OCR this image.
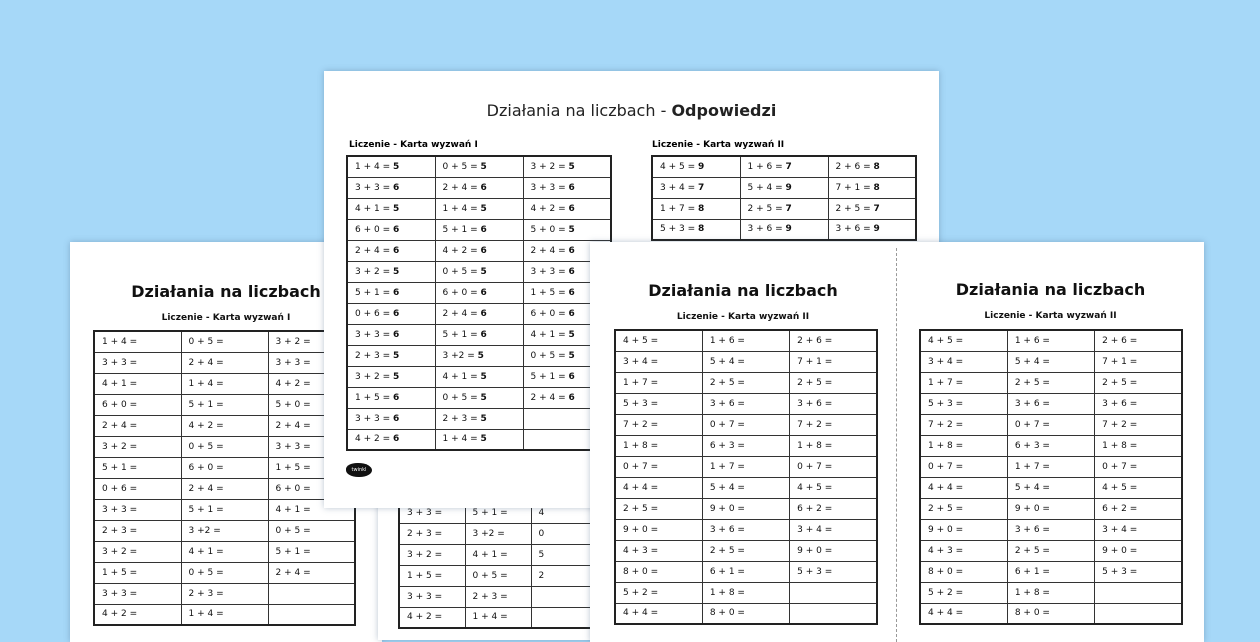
Działania na liczbach
Liczenie - Karta wyzwań I
1 + 4 =	0 + 5 =	3 + 2 =
3 + 3 =	2 + 4 =	3 + 3 =
4 + 1 =	1 + 4 =	4 + 2 =
6 + 0 =	5 + 1 =	5 + 0 =
2 + 4 =	4 + 2 =	2 + 4 =
3 + 2 =	0 + 5 =	3 + 3 =
5 + 1 =	6 + 0 =	1 + 5 =
0 + 6 =	2 + 4 =	6 + 0 =
3 + 3 =	5 + 1 =	4 + 1 =
2 + 3 =	3 +2 =	0 + 5 =
3 + 2 =	4 + 1 =	5 + 1 =
1 + 5 =	0 + 5 =	2 + 4 =
3 + 3 =	2 + 3 =	
4 + 2 =	1 + 4 =	
3 + 3 =	5 + 1 =	4
2 + 3 =	3 +2 =	0
3 + 2 =	4 + 1 =	5
1 + 5 =	0 + 5 =	2
3 + 3 =	2 + 3 =	
4 + 2 =	1 + 4 =	
Działania na liczbach - Odpowiedzi
Liczenie - Karta wyzwań I	Liczenie - Karta wyzwań II
1 + 4 = 5	0 + 5 = 5	3 + 2 = 5
3 + 3 = 6	2 + 4 = 6	3 + 3 = 6
4 + 1 = 5	1 + 4 = 5	4 + 2 = 6
6 + 0 = 6	5 + 1 = 6	5 + 0 = 5
2 + 4 = 6	4 + 2 = 6	2 + 4 = 6
3 + 2 = 5	0 + 5 = 5	3 + 3 = 6
5 + 1 = 6	6 + 0 = 6	1 + 5 = 6
0 + 6 = 6	2 + 4 = 6	6 + 0 = 6
3 + 3 = 6	5 + 1 = 6	4 + 1 = 5
2 + 3 = 5	3 +2 = 5	0 + 5 = 5
3 + 2 = 5	4 + 1 = 5	5 + 1 = 6
1 + 5 = 6	0 + 5 = 5	2 + 4 = 6
3 + 3 = 6	2 + 3 = 5	
4 + 2 = 6	1 + 4 = 5	
4 + 5 = 9	1 + 6 = 7	2 + 6 = 8
3 + 4 = 7	5 + 4 = 9	7 + 1 = 8
1 + 7 = 8	2 + 5 = 7	2 + 5 = 7
5 + 3 = 8	3 + 6 = 9	3 + 6 = 9
twinkl
Działania na liczbach
Liczenie - Karta wyzwań II
4 + 5 =	1 + 6 =	2 + 6 =
3 + 4 =	5 + 4 =	7 + 1 =
1 + 7 =	2 + 5 =	2 + 5 =
5 + 3 =	3 + 6 =	3 + 6 =
7 + 2 =	0 + 7 =	7 + 2 =
1 + 8 =	6 + 3 =	1 + 8 =
0 + 7 =	1 + 7 =	0 + 7 =
4 + 4 =	5 + 4 =	4 + 5 =
2 + 5 =	9 + 0 =	6 + 2 =
9 + 0 =	3 + 6 =	3 + 4 =
4 + 3 =	2 + 5 =	9 + 0 =
8 + 0 =	6 + 1 =	5 + 3 =
5 + 2 =	1 + 8 =	
4 + 4 =	8 + 0 =	
Działania na liczbach
Liczenie - Karta wyzwań II
4 + 5 =	1 + 6 =	2 + 6 =
3 + 4 =	5 + 4 =	7 + 1 =
1 + 7 =	2 + 5 =	2 + 5 =
5 + 3 =	3 + 6 =	3 + 6 =
7 + 2 =	0 + 7 =	7 + 2 =
1 + 8 =	6 + 3 =	1 + 8 =
0 + 7 =	1 + 7 =	0 + 7 =
4 + 4 =	5 + 4 =	4 + 5 =
2 + 5 =	9 + 0 =	6 + 2 =
9 + 0 =	3 + 6 =	3 + 4 =
4 + 3 =	2 + 5 =	9 + 0 =
8 + 0 =	6 + 1 =	5 + 3 =
5 + 2 =	1 + 8 =	
4 + 4 =	8 + 0 =	
